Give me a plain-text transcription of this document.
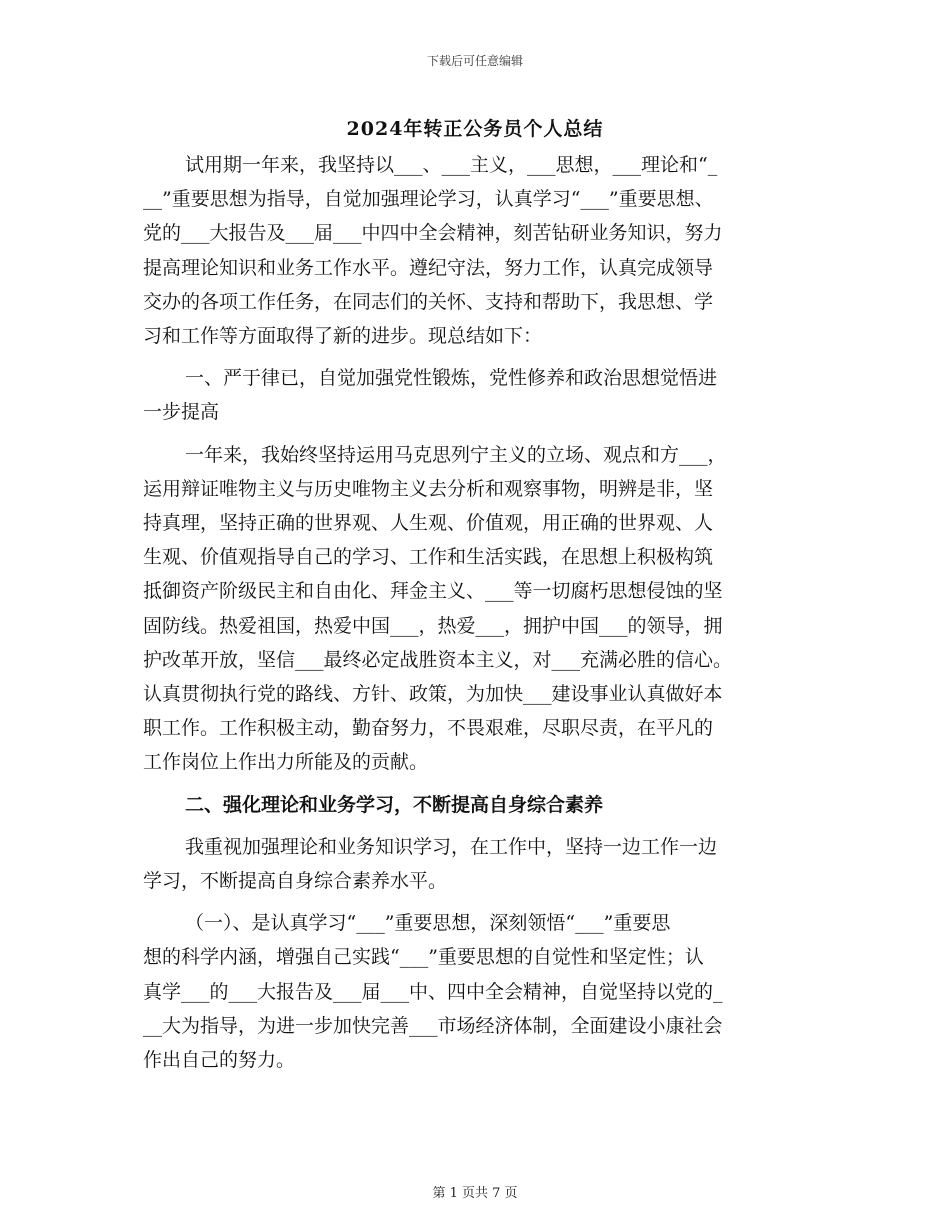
下载后可任意编辑
2024年转正公务员个人总结
试用期一年来，我坚持以___、___主义，___思想，___理论和“_
__”重要思想为指导，自觉加强理论学习，认真学习“___”重要思想、
党的___大报告及___届___中四中全会精神，刻苦钻研业务知识，努力
提高理论知识和业务工作水平。遵纪守法，努力工作，认真完成领导
交办的各项工作任务，在同志们的关怀、支持和帮助下，我思想、学
习和工作等方面取得了新的进步。现总结如下：
一、严于律已，自觉加强党性锻炼，党性修养和政治思想觉悟进
一步提高
一年来，我始终坚持运用马克思列宁主义的立场、观点和方___，
运用辩证唯物主义与历史唯物主义去分析和观察事物，明辨是非，坚
持真理，坚持正确的世界观、人生观、价值观，用正确的世界观、人
生观、价值观指导自己的学习、工作和生活实践，在思想上积极构筑
抵御资产阶级民主和自由化、拜金主义、___等一切腐朽思想侵蚀的坚
固防线。热爱祖国，热爱中国___，热爱___，拥护中国___的领导，拥
护改革开放，坚信___最终必定战胜资本主义，对___充满必胜的信心。
认真贯彻执行党的路线、方针、政策，为加快___建设事业认真做好本
职工作。工作积极主动，勤奋努力，不畏艰难，尽职尽责，在平凡的
工作岗位上作出力所能及的贡献。
二、强化理论和业务学习，不断提高自身综合素养
我重视加强理论和业务知识学习，在工作中，坚持一边工作一边
学习，不断提高自身综合素养水平。
（一）、是认真学习“___”重要思想，深刻领悟“___”重要思
想的科学内涵，增强自己实践“___”重要思想的自觉性和坚定性；认
真学___的___大报告及___届___中、四中全会精神，自觉坚持以党的_
__大为指导，为进一步加快完善___市场经济体制，全面建设小康社会
作出自己的努力。
第 1 页共 7 页
